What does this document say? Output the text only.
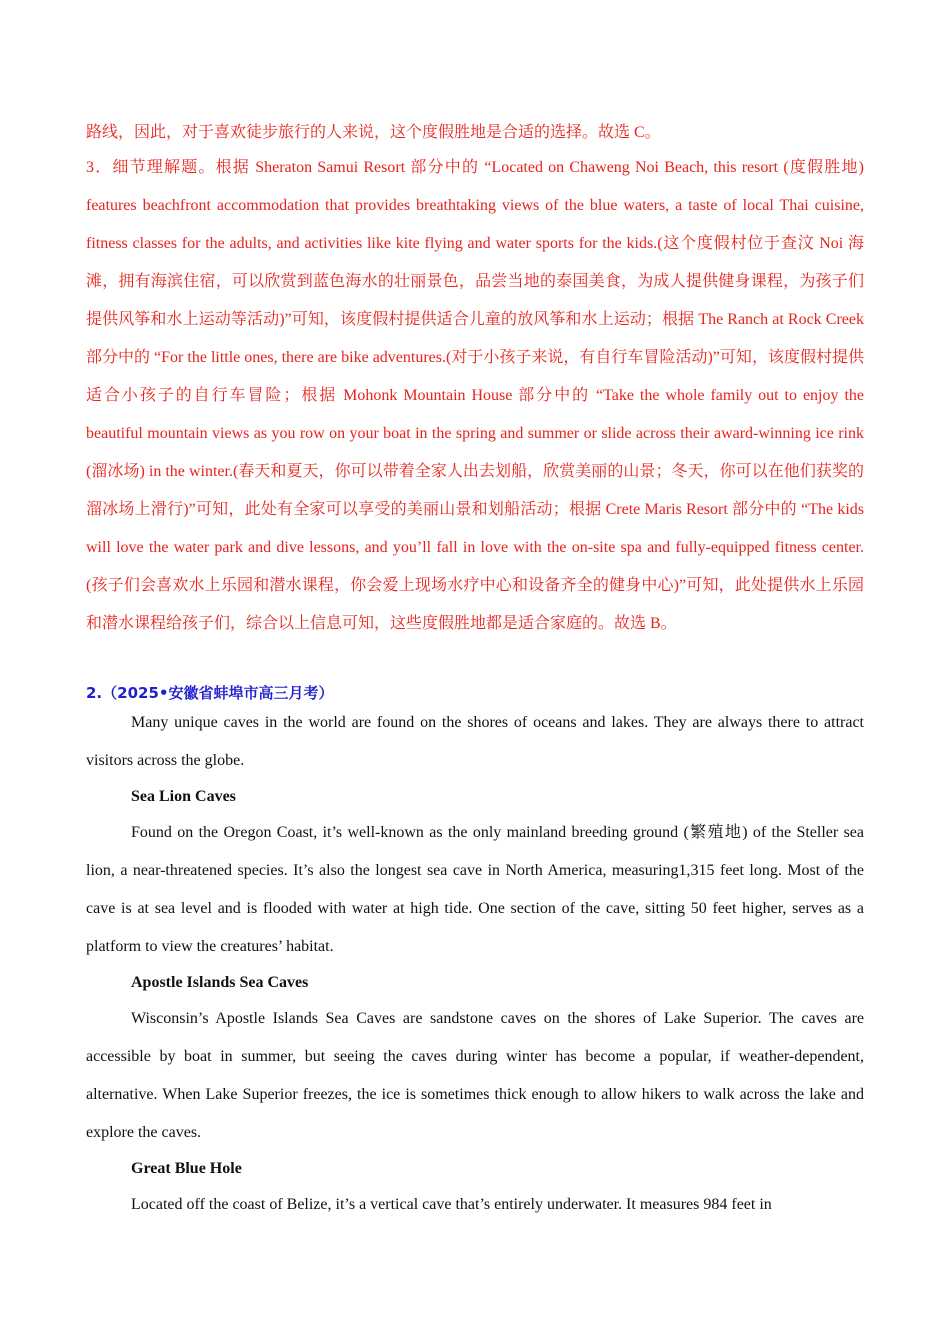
路线，因此，对于喜欢徒步旅行的人来说，这个度假胜地是合适的选择。故选 C。

3．细节理解题。根据 Sheraton Samui Resort 部分中的 “Located on Chaweng Noi Beach, this resort (度假胜地) features beachfront accommodation that provides breathtaking views of the blue waters, a taste of local Thai cuisine, fitness classes for the adults, and activities like kite flying and water sports for the kids.(这个度假村位于查汶 Noi 海滩，拥有海滨住宿，可以欣赏到蓝色海水的壮丽景色，品尝当地的泰国美食，为成人提供健身课程，为孩子们提供风筝和水上运动等活动)”可知，该度假村提供适合儿童的放风筝和水上运动；根据 The Ranch at Rock Creek 部分中的 “For the little ones, there are bike adventures.(对于小孩子来说，有自行车冒险活动)”可知，该度假村提供适合小孩子的自行车冒险；根据 Mohonk Mountain House 部分中的 “Take the whole family out to enjoy the beautiful mountain views as you row on your boat in the spring and summer or slide across their award-winning ice rink (溜冰场) in the winter.(春天和夏天，你可以带着全家人出去划船，欣赏美丽的山景；冬天，你可以在他们获奖的溜冰场上滑行)”可知，此处有全家可以享受的美丽山景和划船活动；根据 Crete Maris Resort 部分中的 “The kids will love the water park and dive lessons, and you’ll fall in love with the on-site spa and fully-equipped fitness center. (孩子们会喜欢水上乐园和潜水课程，你会爱上现场水疗中心和设备齐全的健身中心)”可知，此处提供水上乐园和潜水课程给孩子们，综合以上信息可知，这些度假胜地都是适合家庭的。故选 B。

2.（2025•安徽省蚌埠市高三月考）

Many unique caves in the world are found on the shores of oceans and lakes. They are always there to attract visitors across the globe.

Sea Lion Caves

Found on the Oregon Coast, it’s well-known as the only mainland breeding ground (繁殖地) of the Steller sea lion, a near-threatened species. It’s also the longest sea cave in North America, measuring1,315 feet long. Most of the cave is at sea level and is flooded with water at high tide. One section of the cave, sitting 50 feet higher, serves as a platform to view the creatures’ habitat.

Apostle Islands Sea Caves

Wisconsin’s Apostle Islands Sea Caves are sandstone caves on the shores of Lake Superior. The caves are accessible by boat in summer, but seeing the caves during winter has become a popular, if weather-dependent, alternative. When Lake Superior freezes, the ice is sometimes thick enough to allow hikers to walk across the lake and explore the caves.

Great Blue Hole

Located off the coast of Belize, it’s a vertical cave that’s entirely underwater. It measures 984 feet in
